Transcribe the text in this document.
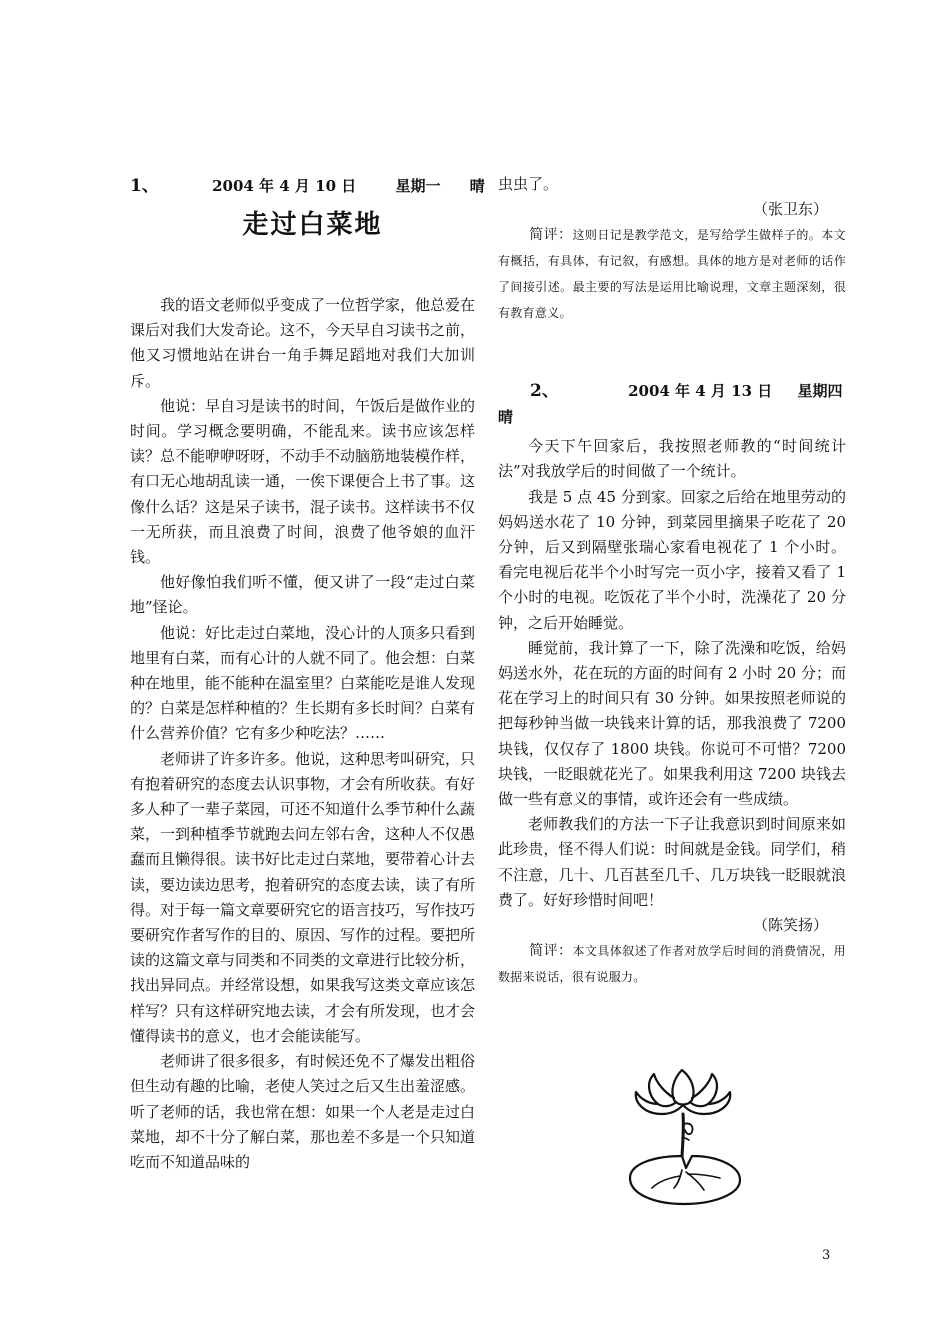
1、	2004 年 4 月 10 日	星期一 晴
走过白菜地

我的语文老师似乎变成了一位哲学家，他总爱在课后对我们大发奇论。这不，今天早自习读书之前，他又习惯地站在讲台一角手舞足蹈地对我们大加训斥。

他说：早自习是读书的时间，午饭后是做作业的时间。学习概念要明确，不能乱来。读书应该怎样读？总不能咿咿呀呀，不动手不动脑筋地装模作样，有口无心地胡乱读一通，一俟下课便合上书了事。这像什么话？这是呆子读书，混子读书。这样读书不仅一无所获，而且浪费了时间，浪费了他爷娘的血汗钱。

他好像怕我们听不懂，便又讲了一段“走过白菜地”怪论。

他说：好比走过白菜地，没心计的人顶多只看到地里有白菜，而有心计的人就不同了。他会想：白菜种在地里，能不能种在温室里？白菜能吃是谁人发现的？白菜是怎样种植的？生长期有多长时间？白菜有什么营养价值？它有多少种吃法？……

老师讲了许多许多。他说，这种思考叫研究，只有抱着研究的态度去认识事物，才会有所收获。有好多人种了一辈子菜园，可还不知道什么季节种什么蔬菜，一到种植季节就跑去问左邻右舍，这种人不仅愚蠢而且懒得很。读书好比走过白菜地，要带着心计去读，要边读边思考，抱着研究的态度去读，读了有所得。对于每一篇文章要研究它的语言技巧，写作技巧要研究作者写作的目的、原因、写作的过程。要把所读的这篇文章与同类和不同类的文章进行比较分析，找出异同点。并经常设想，如果我写这类文章应该怎样写？只有这样研究地去读，才会有所发现，也才会懂得读书的意义，也才会能读能写。

老师讲了很多很多，有时候还免不了爆发出粗俗但生动有趣的比喻，老使人笑过之后又生出羞涩感。听了老师的话，我也常在想：如果一个人老是走过白菜地，却不十分了解白菜，那也差不多是一个只知道吃而不知道品味的

虫虫了。

（张卫东）

简评：这则日记是教学范文，是写给学生做样子的。本文有概括，有具体，有记叙，有感想。具体的地方是对老师的话作了间接引述。最主要的写法是运用比喻说理，文章主题深刻，很有教育意义。

2、	2004 年 4 月 13 日 星期四
晴

今天下午回家后，我按照老师教的“时间统计法”对我放学后的时间做了一个统计。

我是 5 点 45 分到家。回家之后给在地里劳动的妈妈送水花了 10 分钟，到菜园里摘果子吃花了 20 分钟，后又到隔壁张瑞心家看电视花了 1 个小时。看完电视后花半个小时写完一页小字，接着又看了 1 个小时的电视。吃饭花了半个小时，洗澡花了 20 分钟，之后开始睡觉。

睡觉前，我计算了一下，除了洗澡和吃饭，给妈妈送水外，花在玩的方面的时间有 2 小时 20 分；而花在学习上的时间只有 30 分钟。如果按照老师说的把每秒钟当做一块钱来计算的话，那我浪费了 7200 块钱，仅仅存了 1800 块钱。你说可不可惜？7200 块钱，一眨眼就花光了。如果我利用这 7200 块钱去做一些有意义的事情，或许还会有一些成绩。

老师教我们的方法一下子让我意识到时间原来如此珍贵，怪不得人们说：时间就是金钱。同学们，稍不注意，几十、几百甚至几千、几万块钱一眨眼就浪费了。好好珍惜时间吧！

（陈笑扬）

简评：本文具体叙述了作者对放学后时间的消费情况，用数据来说话，很有说服力。

3
